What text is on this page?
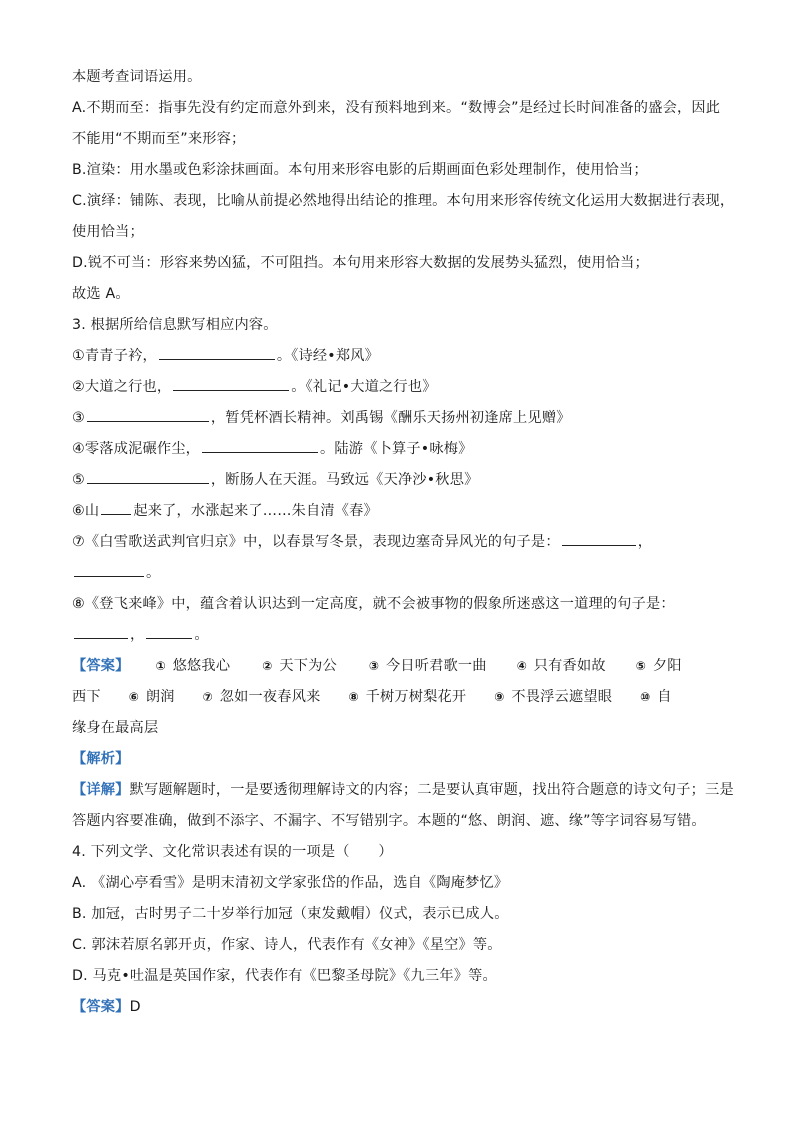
本题考查词语运用。
A.不期而至：指事先没有约定而意外到来，没有预料地到来。“数博会”是经过长时间准备的盛会，因此
不能用“不期而至”来形容；
B.渲染：用水墨或色彩涂抹画面。本句用来形容电影的后期画面色彩处理制作，使用恰当；
C.演绎：铺陈、表现，比喻从前提必然地得出结论的推理。本句用来形容传统文化运用大数据进行表现，
使用恰当；
D.锐不可当：形容来势凶猛，不可阻挡。本句用来形容大数据的发展势头猛烈，使用恰当；
故选 A。
3. 根据所给信息默写相应内容。
①青青子衿，	。《诗经•郑风》
②大道之行也，	。《礼记•大道之行也》
③	，暂凭杯酒长精神。刘禹锡《酬乐天扬州初逢席上见赠》
④零落成泥碾作尘，	。陆游《卜算子•咏梅》
⑤	，断肠人在天涯。马致远《天净沙•秋思》
⑥山 起来了，水涨起来了……朱自清《春》
⑦《白雪歌送武判官归京》中，以春景写冬景，表现边塞奇异风光的句子是：	，
。
⑧《登飞来峰》中，蕴含着认识达到一定高度，就不会被事物的假象所迷惑这一道理的句子是：
，	。
【答案】 ①
悠悠我心	②
天下为公	③
今日听君歌一曲	④
只有香如故	⑤
夕阳
西下 ⑥
朗润 ⑦
忽如一夜春风来 ⑧
千树万树梨花开 ⑨
不畏浮云遮望眼 ⑩
自
缘身在最高层
【解析】
【详解】默写题解题时，一是要透彻理解诗文的内容；二是要认真审题，找出符合题意的诗文句子；三是
答题内容要准确，做到不添字、不漏字、不写错别字。本题的“悠、朗润、遮、缘”等字词容易写错。
4. 下列文学、文化常识表述有误的一项是（　　）
A. 《湖心亭看雪》是明末清初文学家张岱的作品，选自《陶庵梦忆》
B. 加冠，古时男子二十岁举行加冠（束发戴帽）仪式，表示已成人。
C. 郭沫若原名郭开贞，作家、诗人，代表作有《女神》《星空》等。
D. 马克•吐温是英国作家，代表作有《巴黎圣母院》《九三年》等。
【答案】D
